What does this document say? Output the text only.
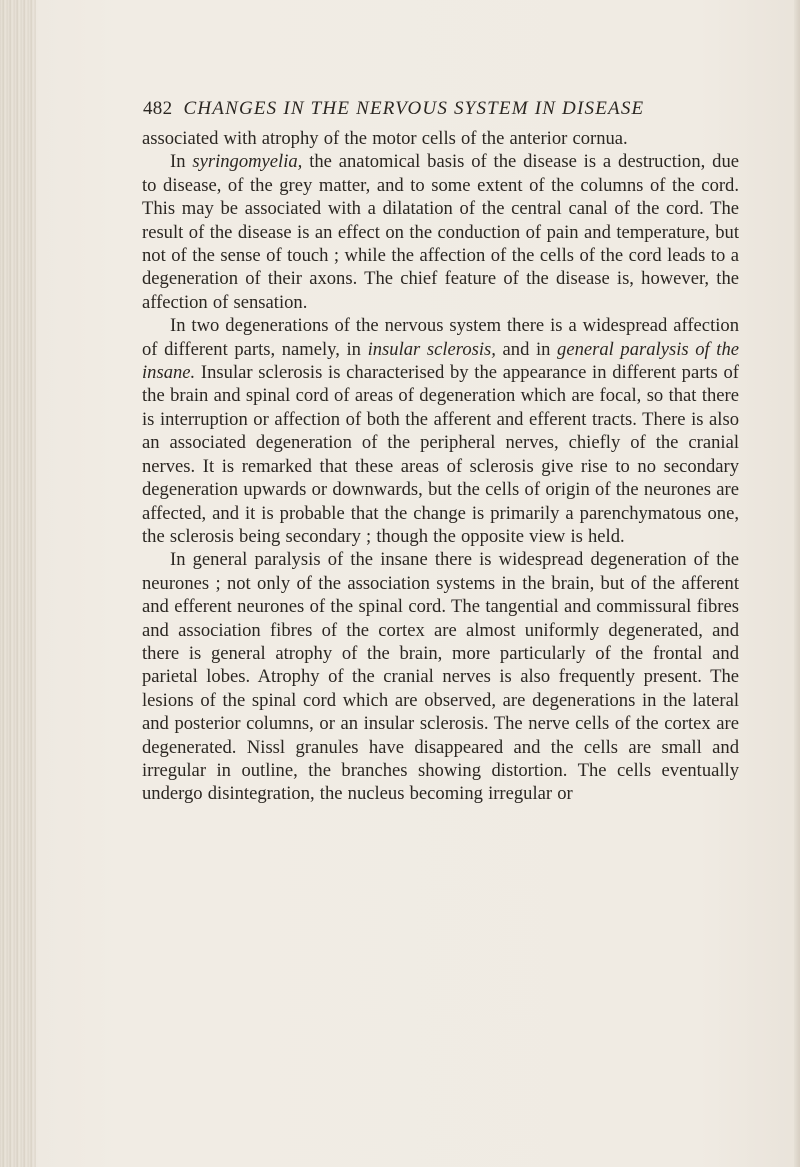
482 CHANGES IN THE NERVOUS SYSTEM IN DISEASE

associated with atrophy of the motor cells of the anterior cornua.

In syringomyelia, the anatomical basis of the disease is a destruction, due to disease, of the grey matter, and to some extent of the columns of the cord. This may be associated with a dilatation of the central canal of the cord. The result of the disease is an effect on the conduction of pain and temperature, but not of the sense of touch ; while the affection of the cells of the cord leads to a degeneration of their axons. The chief feature of the disease is, however, the affection of sensation.

In two degenerations of the nervous system there is a widespread affection of different parts, namely, in insular sclerosis, and in general paralysis of the insane. Insular sclerosis is characterised by the appearance in different parts of the brain and spinal cord of areas of degeneration which are focal, so that there is interruption or affection of both the afferent and efferent tracts. There is also an associated degeneration of the peripheral nerves, chiefly of the cranial nerves. It is remarked that these areas of sclerosis give rise to no secondary degeneration upwards or downwards, but the cells of origin of the neurones are affected, and it is probable that the change is primarily a parenchymatous one, the sclerosis being secondary ; though the opposite view is held.

In general paralysis of the insane there is widespread degeneration of the neurones ; not only of the association systems in the brain, but of the afferent and efferent neurones of the spinal cord. The tangential and commissural fibres and association fibres of the cortex are almost uniformly degenerated, and there is general atrophy of the brain, more particularly of the frontal and parietal lobes. Atrophy of the cranial nerves is also frequently present. The lesions of the spinal cord which are observed, are degenerations in the lateral and posterior columns, or an insular sclerosis. The nerve cells of the cortex are degenerated. Nissl granules have disappeared and the cells are small and irregular in outline, the branches showing distortion. The cells eventually undergo disintegration, the nucleus becoming irregular or
